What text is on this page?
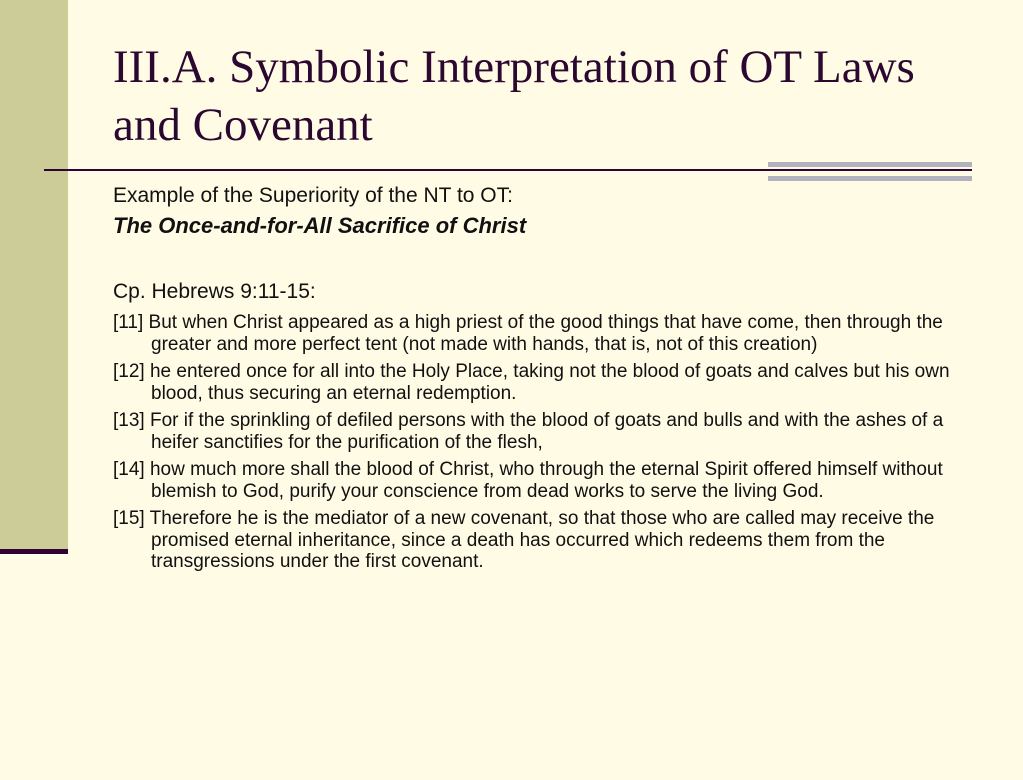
III.A. Symbolic Interpretation of OT Laws and Covenant

Example of the Superiority of the NT to OT:

The Once-and-for-All Sacrifice of Christ

Cp. Hebrews 9:11-15:

[11] But when Christ appeared as a high priest of the good things that have come, then through the greater and more perfect tent (not made with hands, that is, not of this creation)
[12] he entered once for all into the Holy Place, taking not the blood of goats and calves but his own blood, thus securing an eternal redemption.
[13] For if the sprinkling of defiled persons with the blood of goats and bulls and with the ashes of a heifer sanctifies for the purification of the flesh,
[14] how much more shall the blood of Christ, who through the eternal Spirit offered himself without blemish to God, purify your conscience from dead works to serve the living God.
[15] Therefore he is the mediator of a new covenant, so that those who are called may receive the promised eternal inheritance, since a death has occurred which redeems them from the transgressions under the first covenant.
